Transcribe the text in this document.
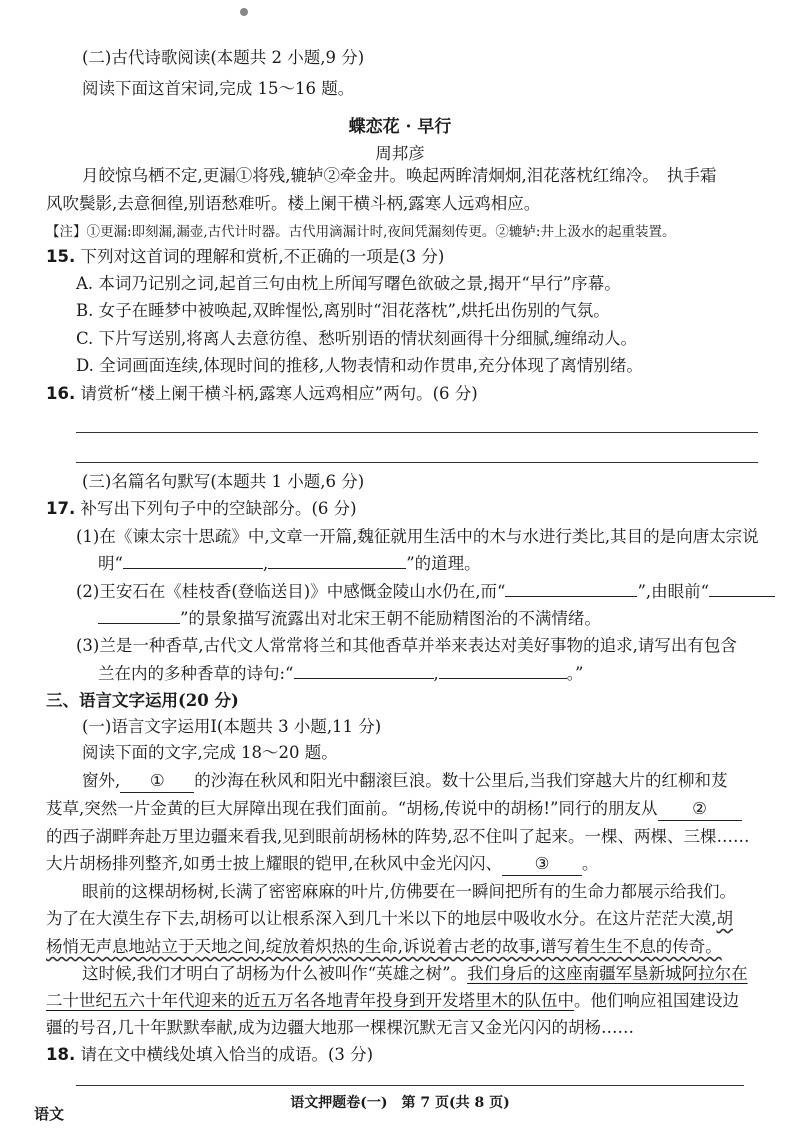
(二)古代诗歌阅读(本题共 2 小题,9 分)
阅读下面这首宋词,完成 15～16 题。
蝶恋花 · 早行
周邦彦
月皎惊乌栖不定,更漏①将残,辘轳②牵金井。唤起两眸清炯炯,泪花落枕红绵冷。　执手霜
风吹鬓影,去意徊徨,别语愁难听。楼上阑干横斗柄,露寒人远鸡相应。
【注】①更漏:即刻漏,漏壶,古代计时器。古代用滴漏计时,夜间凭漏刻传更。②辘轳:井上汲水的起重装置。
15. 下列对这首词的理解和赏析,不正确的一项是(3 分)
A. 本词乃记别之词,起首三句由枕上所闻写曙色欲破之景,揭开“早行”序幕。
B. 女子在睡梦中被唤起,双眸惺忪,离别时“泪花落枕”,烘托出伤别的气氛。
C. 下片写送别,将离人去意彷徨、愁听别语的情状刻画得十分细腻,缠绵动人。
D. 全词画面连续,体现时间的推移,人物表情和动作贯串,充分体现了离情别绪。
16. 请赏析“楼上阑干横斗柄,露寒人远鸡相应”两句。(6 分)
(三)名篇名句默写(本题共 1 小题,6 分)
17. 补写出下列句子中的空缺部分。(6 分)
(1)在《谏太宗十思疏》中,文章一开篇,魏征就用生活中的木与水进行类比,其目的是向唐太宗说
明“	,	”的道理。
(2)王安石在《桂枝香(登临送目)》中感慨金陵山水仍在,而“	”,由眼前“
”的景象描写流露出对北宋王朝不能励精图治的不满情绪。
(3)兰是一种香草,古代文人常常将兰和其他香草并举来表达对美好事物的追求,请写出有包含
兰在内的多种香草的诗句:“	,	。”
三、语言文字运用(20 分)
(一)语言文字运用Ⅰ(本题共 3 小题,11 分)
阅读下面的文字,完成 18～20 题。
窗外, ① 的沙海在秋风和阳光中翻滚巨浪。数十公里后,当我们穿越大片的红柳和芨
芨草,突然一片金黄的巨大屏障出现在我们面前。“胡杨,传说中的胡杨!”同行的朋友从 ②
的西子湖畔奔赴万里边疆来看我,见到眼前胡杨林的阵势,忍不住叫了起来。一棵、两棵、三棵……
大片胡杨排列整齐,如勇士披上耀眼的铠甲,在秋风中金光闪闪、 ③ 。
眼前的这棵胡杨树,长满了密密麻麻的叶片,仿佛要在一瞬间把所有的生命力都展示给我们。
为了在大漠生存下去,胡杨可以让根系深入到几十米以下的地层中吸收水分。在这片茫茫大漠,胡
杨悄无声息地站立于天地之间,绽放着炽热的生命,诉说着古老的故事,谱写着生生不息的传奇。
这时候,我们才明白了胡杨为什么被叫作“英雄之树”。我们身后的这座南疆军垦新城阿拉尔在
二十世纪五六十年代迎来的近五万名各地青年投身到开发塔里木的队伍中。他们响应祖国建设边
疆的号召,几十年默默奉献,成为边疆大地那一棵棵沉默无言又金光闪闪的胡杨……
18. 请在文中横线处填入恰当的成语。(3 分)
语文押题卷(一)　第 7 页(共 8 页)
语文
